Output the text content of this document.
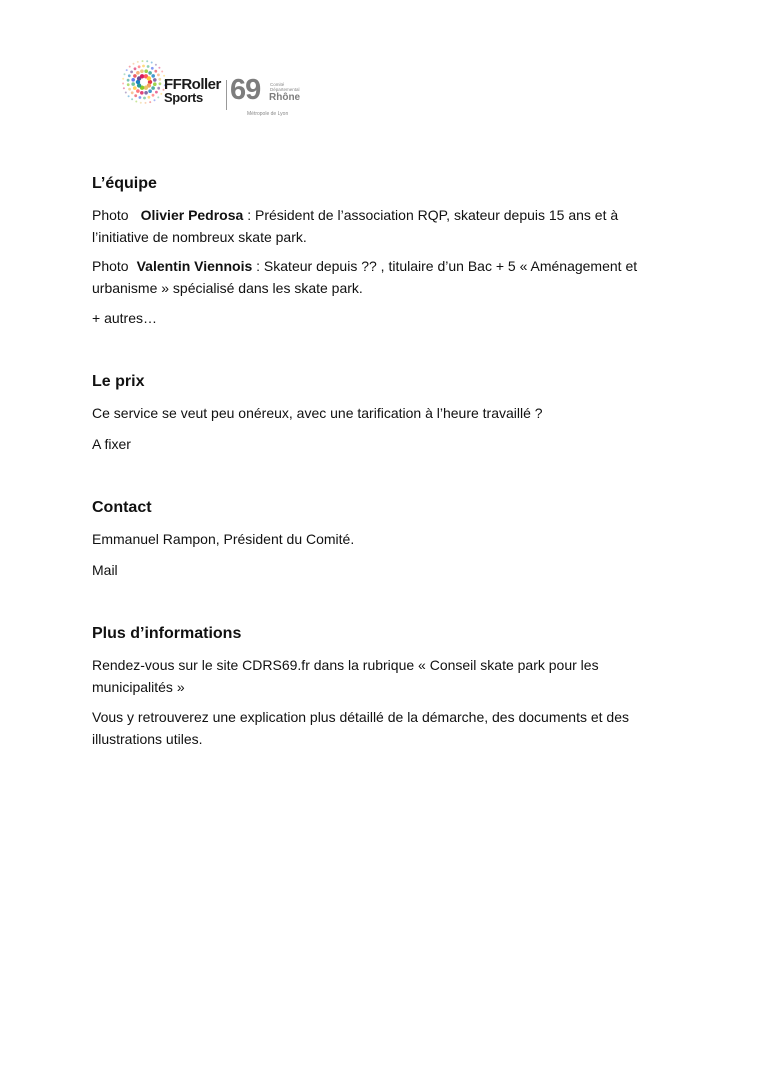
FFRoller
Sports 69 Comité Départemental
Rhône
Métropole de Lyon
L’équipe

Photo Olivier Pedrosa : Président de l’association RQP, skateur depuis 15 ans et à l’initiative de nombreux skate park.

Photo Valentin Viennois : Skateur depuis ?? , titulaire d’un Bac + 5 « Aménagement et urbanisme » spécialisé dans les skate park.

+ autres…

Le prix

Ce service se veut peu onéreux, avec une tarification à l’heure travaillé ?

A fixer

Contact

Emmanuel Rampon, Président du Comité.

Mail

Plus d’informations

Rendez-vous sur le site CDRS69.fr dans la rubrique « Conseil skate park pour les municipalités »

Vous y retrouverez une explication plus détaillé de la démarche, des documents et des illustrations utiles.
